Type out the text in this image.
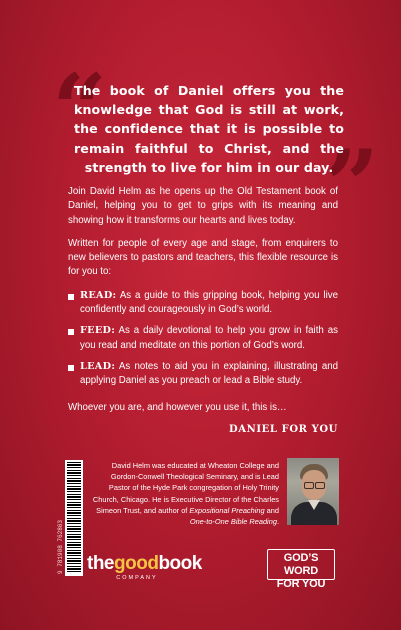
“
”

The book of Daniel offers you the knowledge that God is still at work, the confidence that it is possible to remain faithful to Christ, and the strength to live for him in our day.

Join David Helm as he opens up the Old Testament book of Daniel, helping you to get to grips with its meaning and showing how it transforms our hearts and lives today.

Written for people of every age and stage, from enquirers to new believers to pastors and teachers, this flexible resource is for you to:

READ: As a guide to this gripping book, helping you live confidently and courageously in God’s world.
FEED: As a daily devotional to help you grow in faith as you read and meditate on this portion of God’s word.
LEAD: As notes to aid you in explaining, illustrating and applying Daniel as you preach or lead a Bible study.

Whoever you are, and however you use it, this is…

DANIEL FOR YOU

9 781908 762863

David Helm was educated at Wheaton College and Gordon-Conwell Theological Seminary, and is Lead Pastor of the Hyde Park congregation of Holy Trinity Church, Chicago. He is Executive Director of the Charles Simeon Trust, and author of Expositional Preaching and One-to-One Bible Reading.

thegoodbook
COMPANY
GOD’S WORD
FOR YOU
